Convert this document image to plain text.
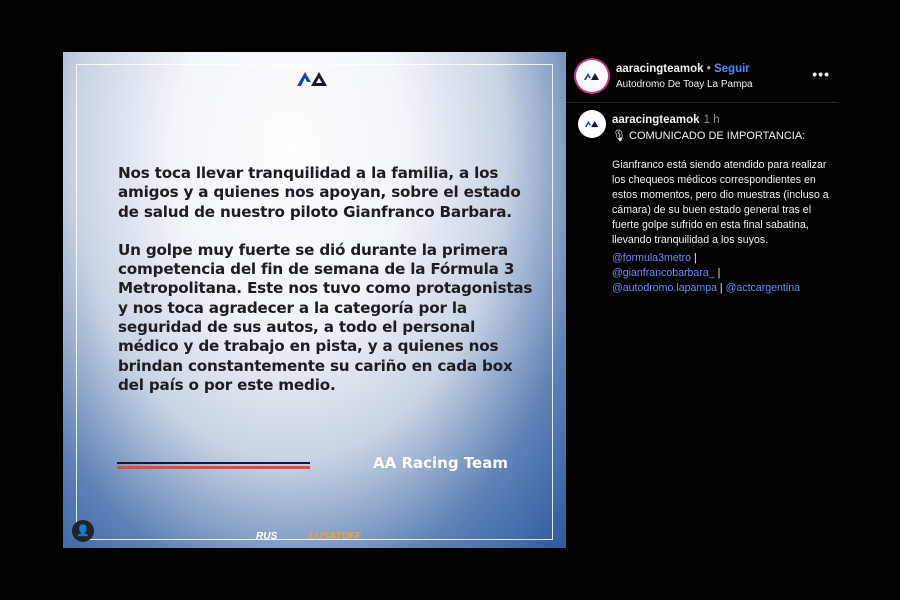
Nos toca llevar tranquilidad a la familia, a los amigos y a quienes nos apoyan, sobre el estado de salud de nuestro piloto Gianfranco Barbara.

Un golpe muy fuerte se dió durante la primera competencia del fin de semana de la Fórmula 3 Metropolitana. Este nos tuvo como protagonistas y nos toca agradecer a la categoría por la seguridad de sus autos, a todo el personal médico y de trabajo en pista, y a quienes nos brindan constantemente su cariño en cada box del país o por este medio.

AA Racing Team
RUS	LUSATOFF
👤
aaracingteamok • Seguir
Autodromo De Toay La Pampa
•••
aaracingteamok 1 h
🎙 COMUNICADO DE IMPORTANCIA:
Gianfranco está siendo atendido para realizar los chequeos médicos correspondientes en estos momentos, pero dio muestras (incluso a cámara) de su buen estado general tras el fuerte golpe sufrido en esta final sabatina, llevando tranquilidad a los suyos.
@formula3metro |
@gianfrancobarbara_ |
@autodromo.lapampa | @actcargentina
